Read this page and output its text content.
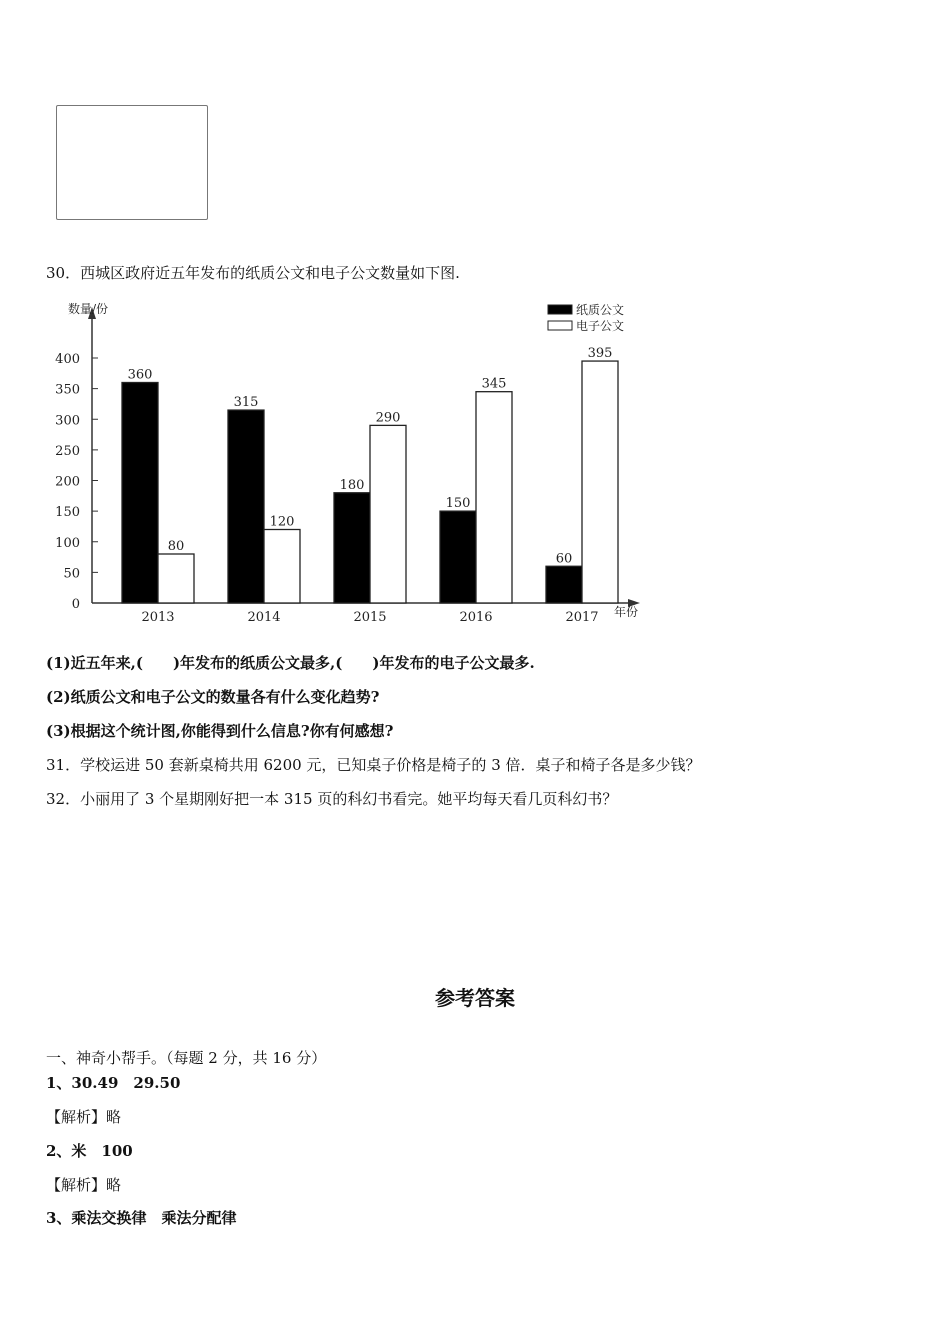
30．西城区政府近五年发布的纸质公文和电子公文数量如下图.
数量/份
年份
0
50
100
150
200
250
300
350
400
360
80
2013
315
120
2014
180
290
2015
150
345
2016
60
395
2017
纸质公文
电子公文
(1)近五年来,(　　)年发布的纸质公文最多,(　　)年发布的电子公文最多.
(2)纸质公文和电子公文的数量各有什么变化趋势?
(3)根据这个统计图,你能得到什么信息?你有何感想?
31．学校运进 50 套新桌椅共用 6200 元，已知桌子价格是椅子的 3 倍．桌子和椅子各是多少钱？
32．小丽用了 3 个星期刚好把一本 315 页的科幻书看完。她平均每天看几页科幻书？
参考答案
一、神奇小帮手。（每题 2 分，共 16 分）
1、30.49　29.50
【解析】略
2、米　100
【解析】略
3、乘法交换律　乘法分配律
